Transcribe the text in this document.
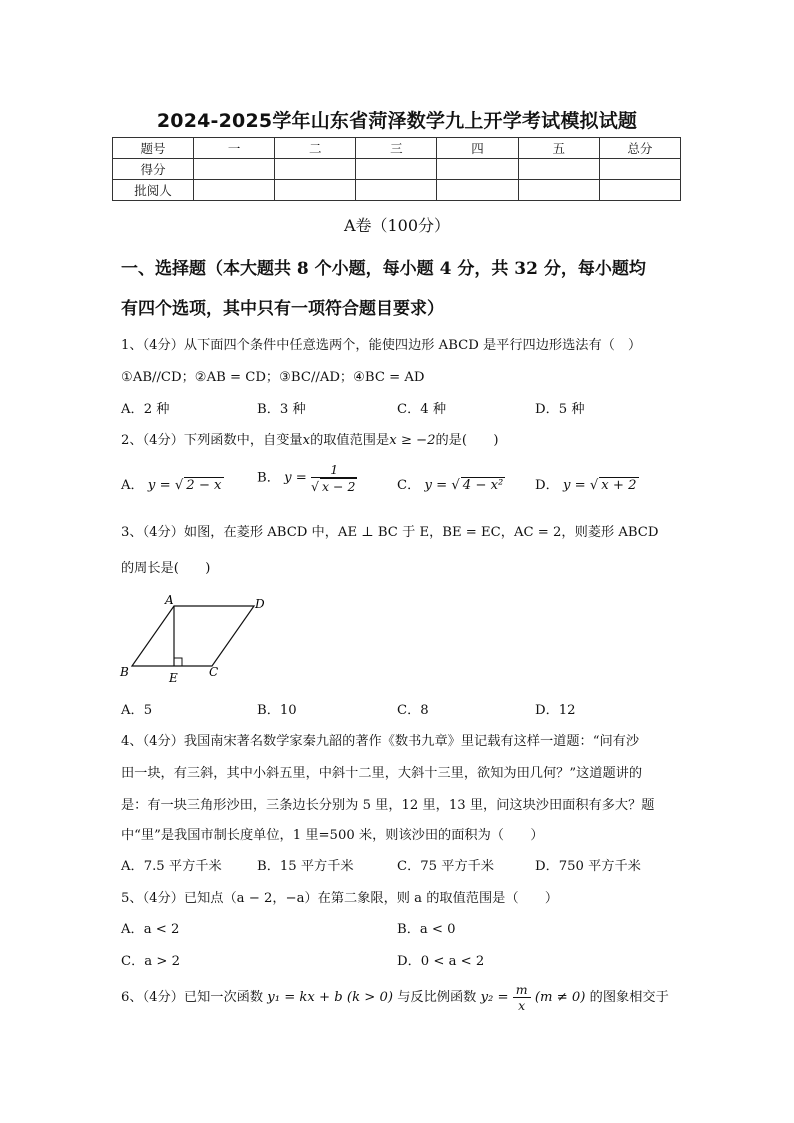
2024-2025学年山东省菏泽数学九上开学考试模拟试题
题号	一	二	三	四	五	总分
得分						
批阅人						
A卷（100分）
一、选择题（本大题共 8 个小题，每小题 4 分，共 32 分，每小题均
有四个选项，其中只有一项符合题目要求）
1、（4分）从下面四个条件中任意选两个，能使四边形 ABCD 是平行四边形选法有（　）
①AB//CD；②AB = CD；③BC//AD；④BC = AD
A．2 种	B．3 种	C．4 种	D．5 种
2、（4分）下列函数中，自变量x的取值范围是x ≥ −2的是(　　)
A． y = √ 2 − x	B． $y = \frac{1}{√ x - 2}$	C． y = √ 4 − x² D． y = √ x + 2
3、（4分）如图，在菱形 ABCD 中，AE ⊥ BC 于 E，BE = EC，AC = 2，则菱形 ABCD
的周长是(　　)
A	D
B	E	C
A．5	B．10	C．8	D．12
4、（4分）我国南宋著名数学家秦九韶的著作《数书九章》里记载有这样一道题：“问有沙
田一块，有三斜，其中小斜五里，中斜十二里，大斜十三里，欲知为田几何？”这道题讲的
是：有一块三角形沙田，三条边长分别为 5 里，12 里，13 里，问这块沙田面积有多大？题
中“里”是我国市制长度单位，1 里=500 米，则该沙田的面积为（　　）
A．7.5 平方千米	B．15 平方千米	C．75 平方千米	D．750 平方千米
5、（4分）已知点（a − 2，−a）在第二象限，则 a 的取值范围是（　　）
A．a < 2	B．a < 0
C．a > 2	D．0 < a < 2
6、（4分）已知一次函数 y₁ = kx + b (k > 0) 与反比例函数 $y_2 = \frac{m}{x} (m \ne 0)$ 的图象相交于
